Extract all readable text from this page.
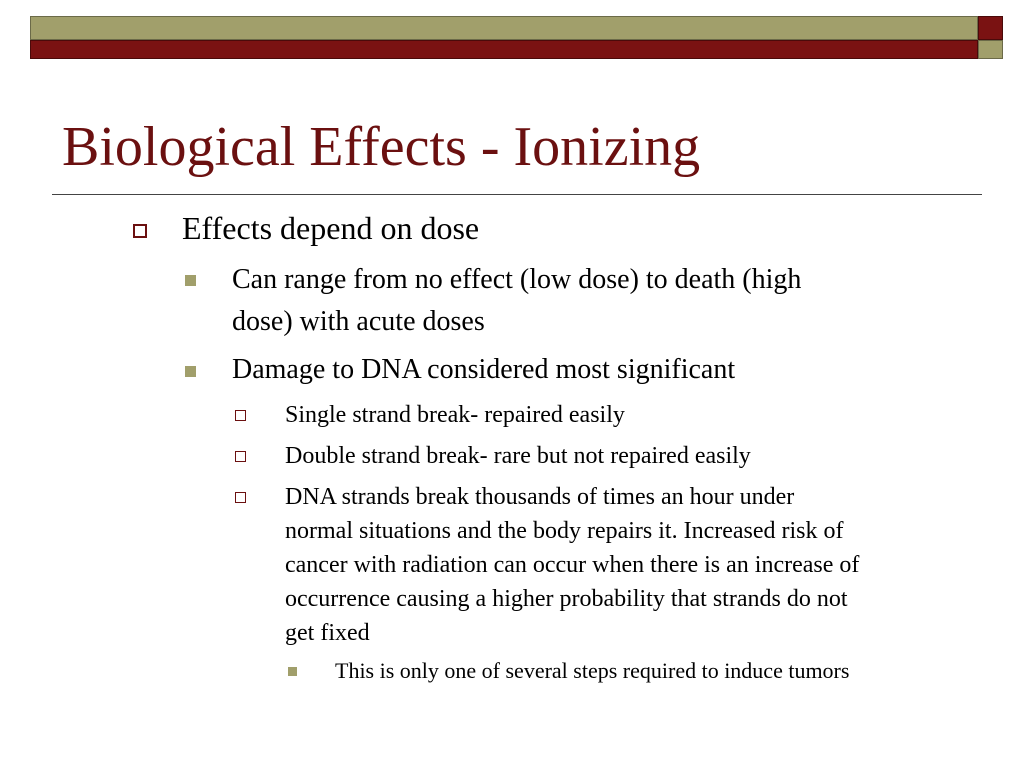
Biological Effects - Ionizing
Effects depend on dose
Can range from no effect (low dose) to death (high
dose) with acute doses
Damage to DNA considered most significant
Single strand break- repaired easily
Double strand break- rare but not repaired easily
DNA strands break thousands of times an hour under
normal situations and the body repairs it. Increased risk of
cancer with radiation can occur when there is an increase of
occurrence causing a higher probability that strands do not
get fixed
This is only one of several steps required to induce tumors
